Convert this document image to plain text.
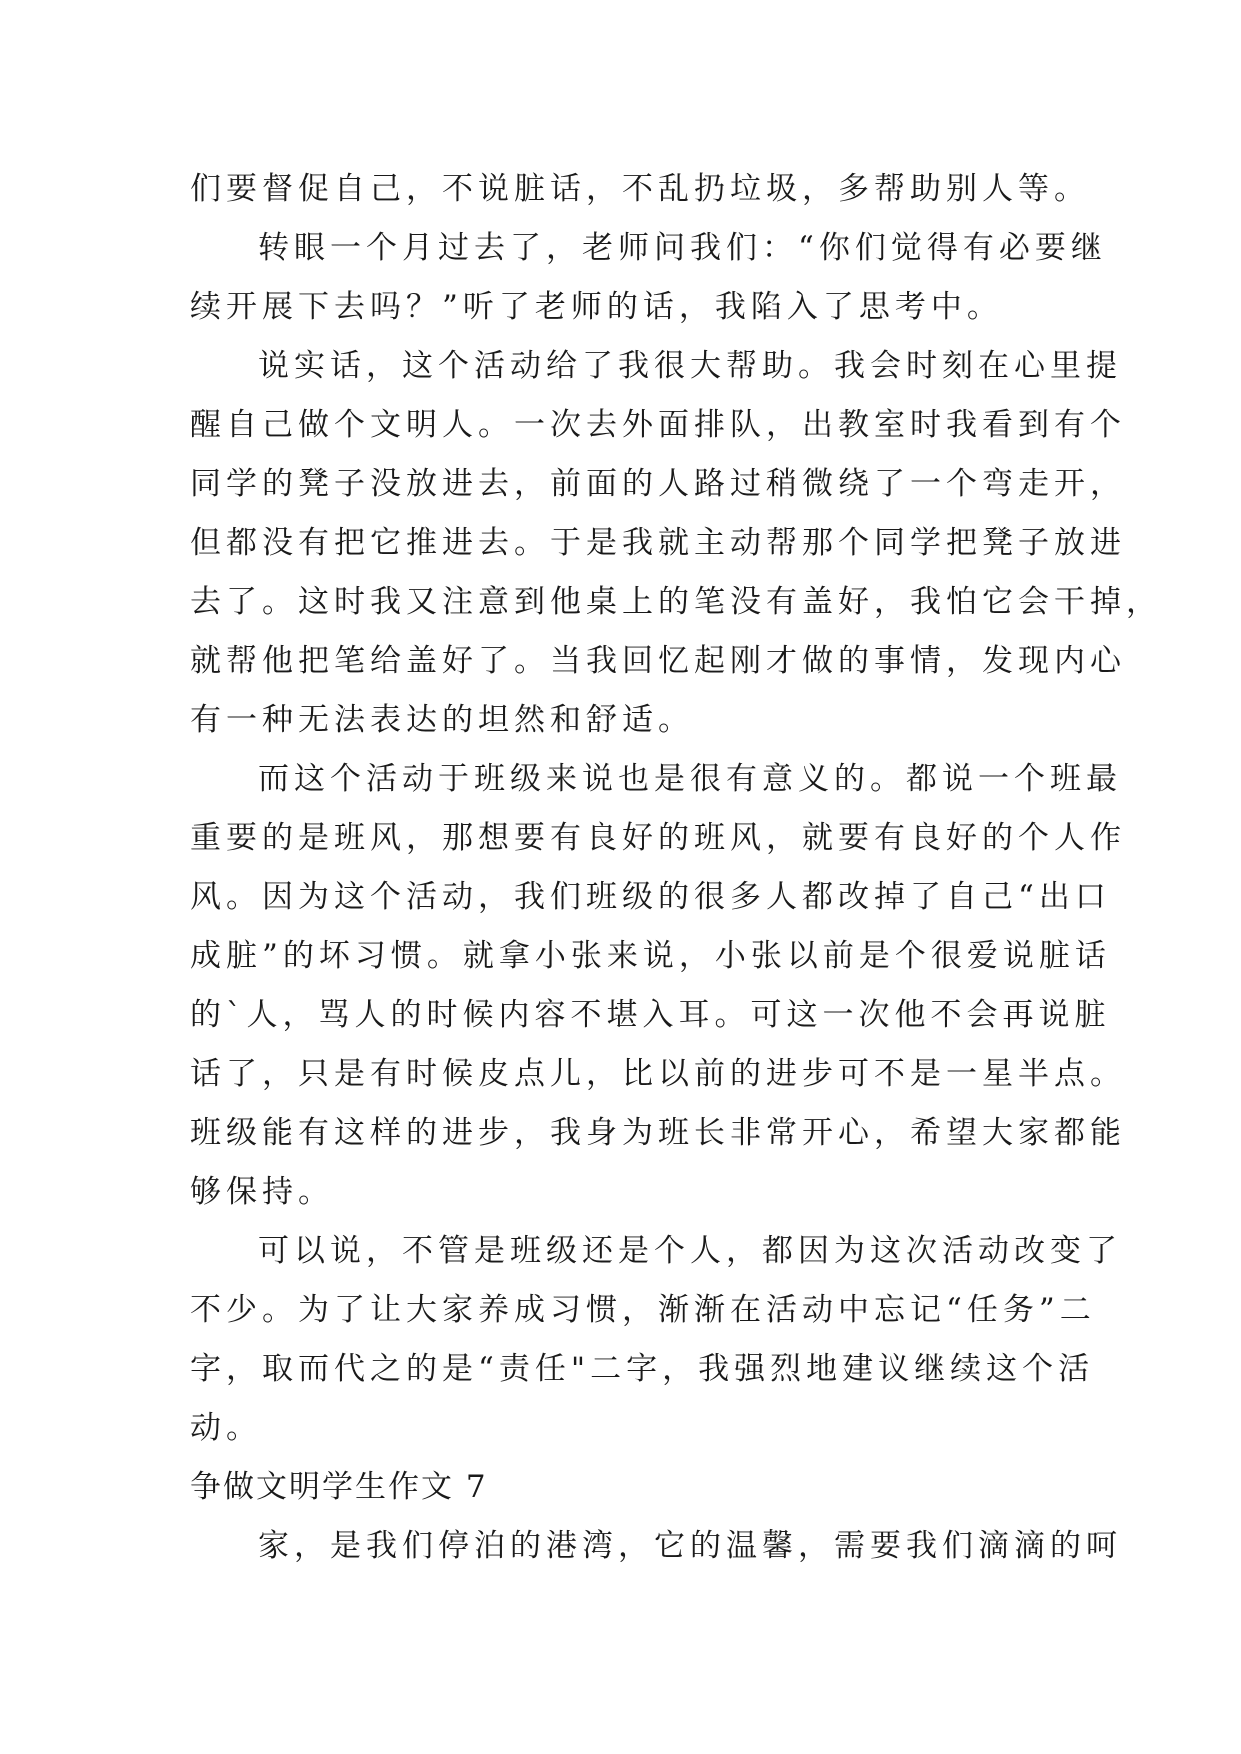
们要督促自己，不说脏话，不乱扔垃圾，多帮助别人等。
转眼一个月过去了，老师问我们：“你们觉得有必要继
续开展下去吗？”听了老师的话，我陷入了思考中。
说实话，这个活动给了我很大帮助。我会时刻在心里提
醒自己做个文明人。一次去外面排队，出教室时我看到有个
同学的凳子没放进去，前面的人路过稍微绕了一个弯走开，
但都没有把它推进去。于是我就主动帮那个同学把凳子放进
去了。这时我又注意到他桌上的笔没有盖好，我怕它会干掉，
就帮他把笔给盖好了。当我回忆起刚才做的事情，发现内心
有一种无法表达的坦然和舒适。
而这个活动于班级来说也是很有意义的。都说一个班最
重要的是班风，那想要有良好的班风，就要有良好的个人作
风。因为这个活动，我们班级的很多人都改掉了自己“出口
成脏”的坏习惯。就拿小张来说，小张以前是个很爱说脏话
的`人，骂人的时候内容不堪入耳。可这一次他不会再说脏
话了，只是有时候皮点儿，比以前的进步可不是一星半点。
班级能有这样的进步，我身为班长非常开心，希望大家都能
够保持。
可以说，不管是班级还是个人，都因为这次活动改变了
不少。为了让大家养成习惯，渐渐在活动中忘记“任务”二
字，取而代之的是“责任"二字，我强烈地建议继续这个活
动。
争做文明学生作文 7
家，是我们停泊的港湾，它的温馨，需要我们滴滴的呵
